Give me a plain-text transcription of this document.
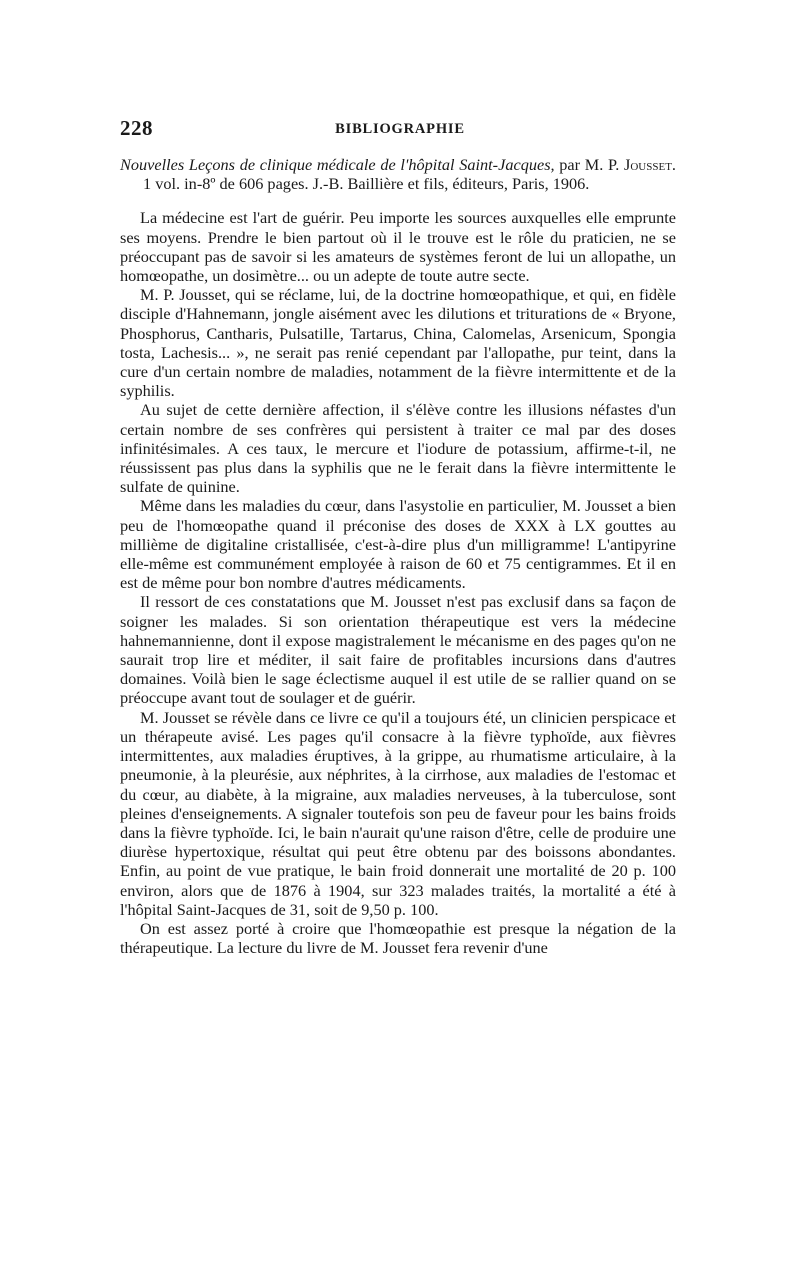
228	BIBLIOGRAPHIE

Nouvelles Leçons de clinique médicale de l'hôpital Saint-Jacques, par M. P. Jousset. 1 vol. in-8º de 606 pages. J.-B. Baillière et fils, éditeurs, Paris, 1906.

La médecine est l'art de guérir. Peu importe les sources auxquelles elle emprunte ses moyens. Prendre le bien partout où il le trouve est le rôle du praticien, ne se préoccupant pas de savoir si les amateurs de systèmes feront de lui un allopathe, un homœopathe, un dosimètre... ou un adepte de toute autre secte.

M. P. Jousset, qui se réclame, lui, de la doctrine homœopathique, et qui, en fidèle disciple d'Hahnemann, jongle aisément avec les dilutions et triturations de « Bryone, Phosphorus, Cantharis, Pulsatille, Tartarus, China, Calomelas, Arsenicum, Spongia tosta, Lachesis... », ne serait pas renié cependant par l'allopathe, pur teint, dans la cure d'un certain nombre de maladies, notamment de la fièvre intermittente et de la syphilis.

Au sujet de cette dernière affection, il s'élève contre les illusions néfastes d'un certain nombre de ses confrères qui persistent à traiter ce mal par des doses infinitésimales. A ces taux, le mercure et l'iodure de potassium, affirme-t-il, ne réussissent pas plus dans la syphilis que ne le ferait dans la fièvre intermittente le sulfate de quinine.

Même dans les maladies du cœur, dans l'asystolie en particulier, M. Jousset a bien peu de l'homœopathe quand il préconise des doses de XXX à LX gouttes au millième de digitaline cristallisée, c'est-à-dire plus d'un milligramme! L'antipyrine elle-même est communément employée à raison de 60 et 75 centigrammes. Et il en est de même pour bon nombre d'autres médicaments.

Il ressort de ces constatations que M. Jousset n'est pas exclusif dans sa façon de soigner les malades. Si son orientation thérapeutique est vers la médecine hahnemannienne, dont il expose magistralement le mécanisme en des pages qu'on ne saurait trop lire et méditer, il sait faire de profitables incursions dans d'autres domaines. Voilà bien le sage éclectisme auquel il est utile de se rallier quand on se préoccupe avant tout de soulager et de guérir.

M. Jousset se révèle dans ce livre ce qu'il a toujours été, un clinicien perspicace et un thérapeute avisé. Les pages qu'il consacre à la fièvre typhoïde, aux fièvres intermittentes, aux maladies éruptives, à la grippe, au rhumatisme articulaire, à la pneumonie, à la pleurésie, aux néphrites, à la cirrhose, aux maladies de l'estomac et du cœur, au diabète, à la migraine, aux maladies nerveuses, à la tuberculose, sont pleines d'enseignements. A signaler toutefois son peu de faveur pour les bains froids dans la fièvre typhoïde. Ici, le bain n'aurait qu'une raison d'être, celle de produire une diurèse hypertoxique, résultat qui peut être obtenu par des boissons abondantes. Enfin, au point de vue pratique, le bain froid donnerait une mortalité de 20 p. 100 environ, alors que de 1876 à 1904, sur 323 malades traités, la mortalité a été à l'hôpital Saint-Jacques de 31, soit de 9,50 p. 100.

On est assez porté à croire que l'homœopathie est presque la négation de la thérapeutique. La lecture du livre de M. Jousset fera revenir d'une
